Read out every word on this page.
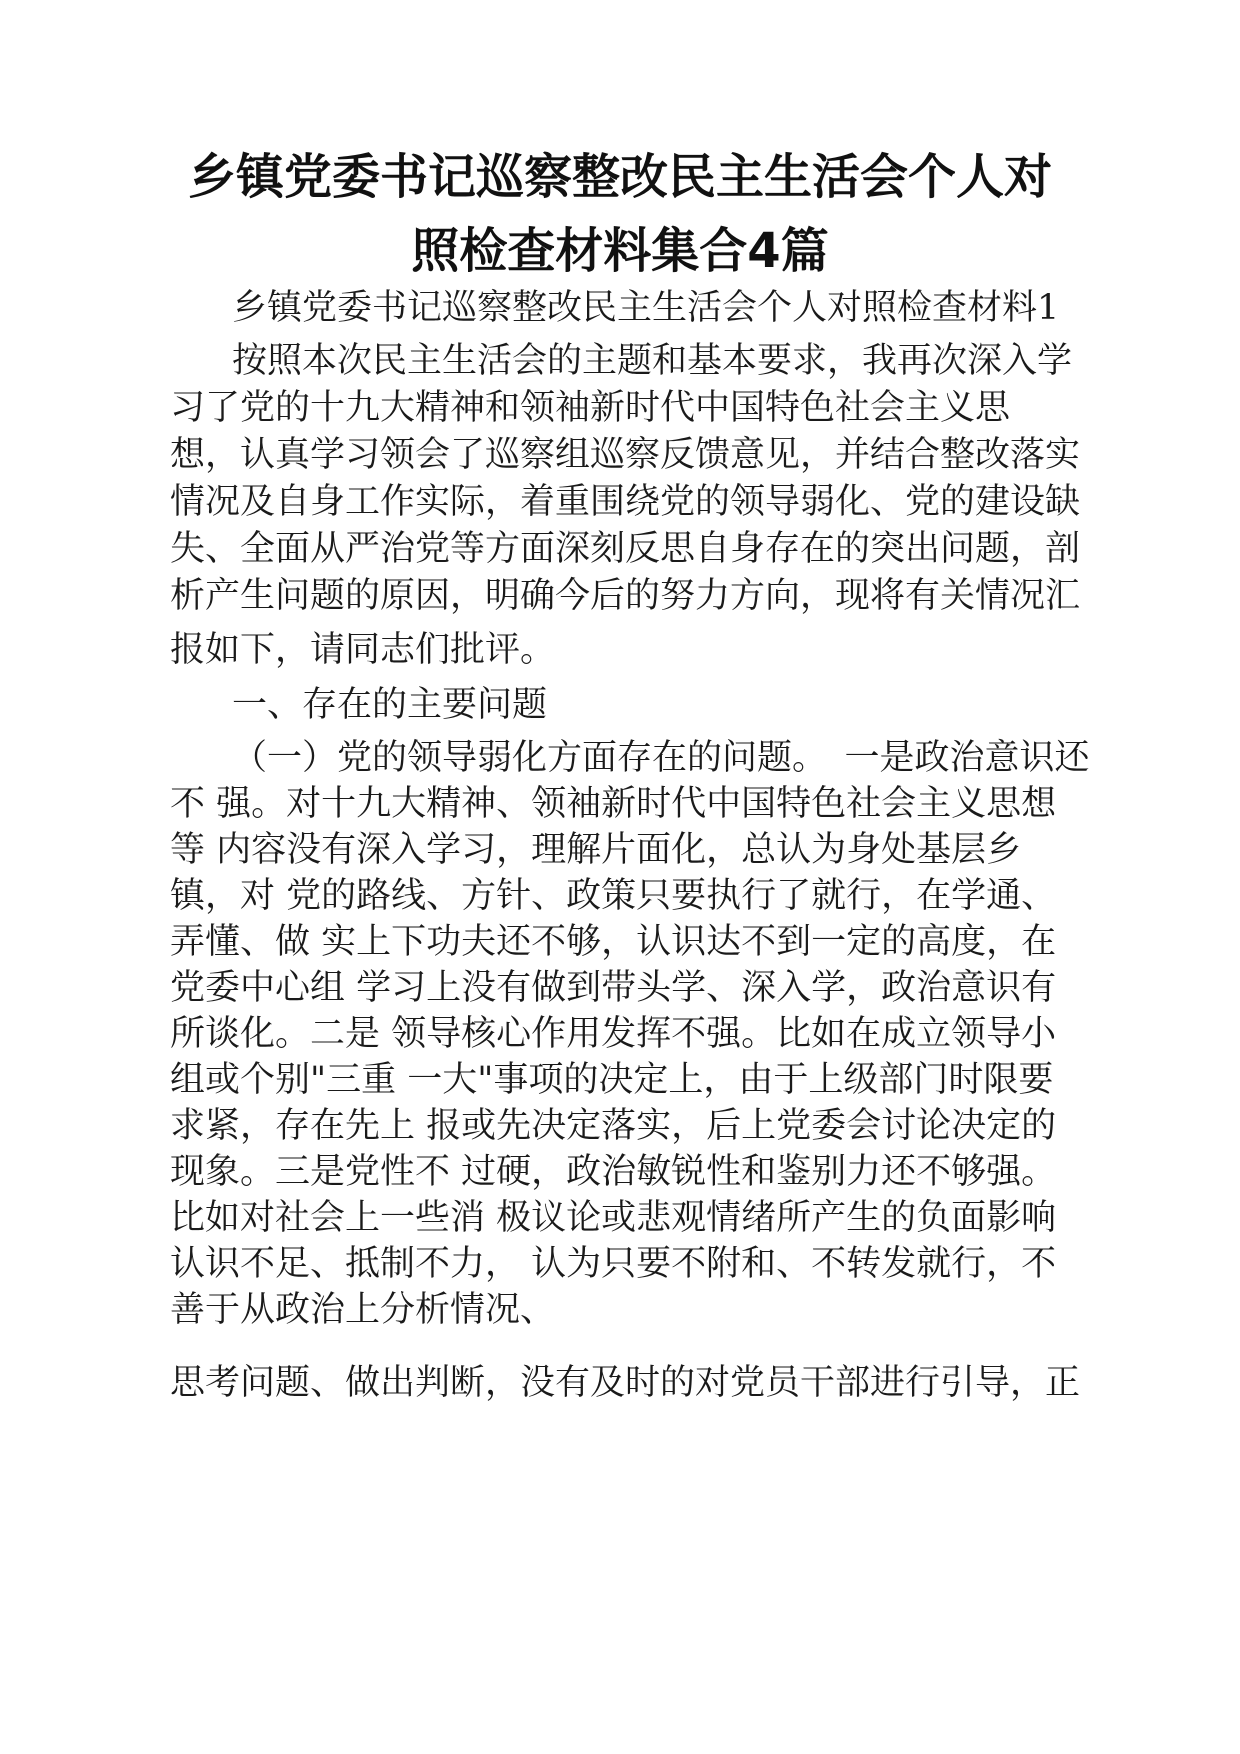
乡镇党委书记巡察整改民主生活会个人对
照检查材料集合4篇
乡镇党委书记巡察整改民主生活会个人对照检查材料1
按照本次民主生活会的主题和基本要求，我再次深入学
习了党的十九大精神和领袖新时代中国特色社会主义思
想，认真学习领会了巡察组巡察反馈意见，并结合整改落实
情况及自身工作实际，着重围绕党的领导弱化、党的建设缺
失、全面从严治党等方面深刻反思自身存在的突出问题，剖
析产生问题的原因，明确今后的努力方向，现将有关情况汇
报如下，请同志们批评。
一、存在的主要问题
（一）党的领导弱化方面存在的问题。　一是政治意识还
不 强。对十九大精神、领袖新时代中国特色社会主义思想
等 内容没有深入学习，理解片面化，总认为身处基层乡
镇，对 党的路线、方针、政策只要执行了就行，在学通、
弄懂、做 实上下功夫还不够，认识达不到一定的高度，在
党委中心组 学习上没有做到带头学、深入学，政治意识有
所谈化。二是 领导核心作用发挥不强。比如在成立领导小
组或个别"三重 一大"事项的决定上，由于上级部门时限要
求紧，存在先上 报或先决定落实，后上党委会讨论决定的
现象。三是党性不 过硬，政治敏锐性和鉴别力还不够强。
比如对社会上一些消 极议论或悲观情绪所产生的负面影响
认识不足、抵制不力， 认为只要不附和、不转发就行，不
善于从政治上分析情况、
思考问题、做出判断，没有及时的对党员干部进行引导，正
